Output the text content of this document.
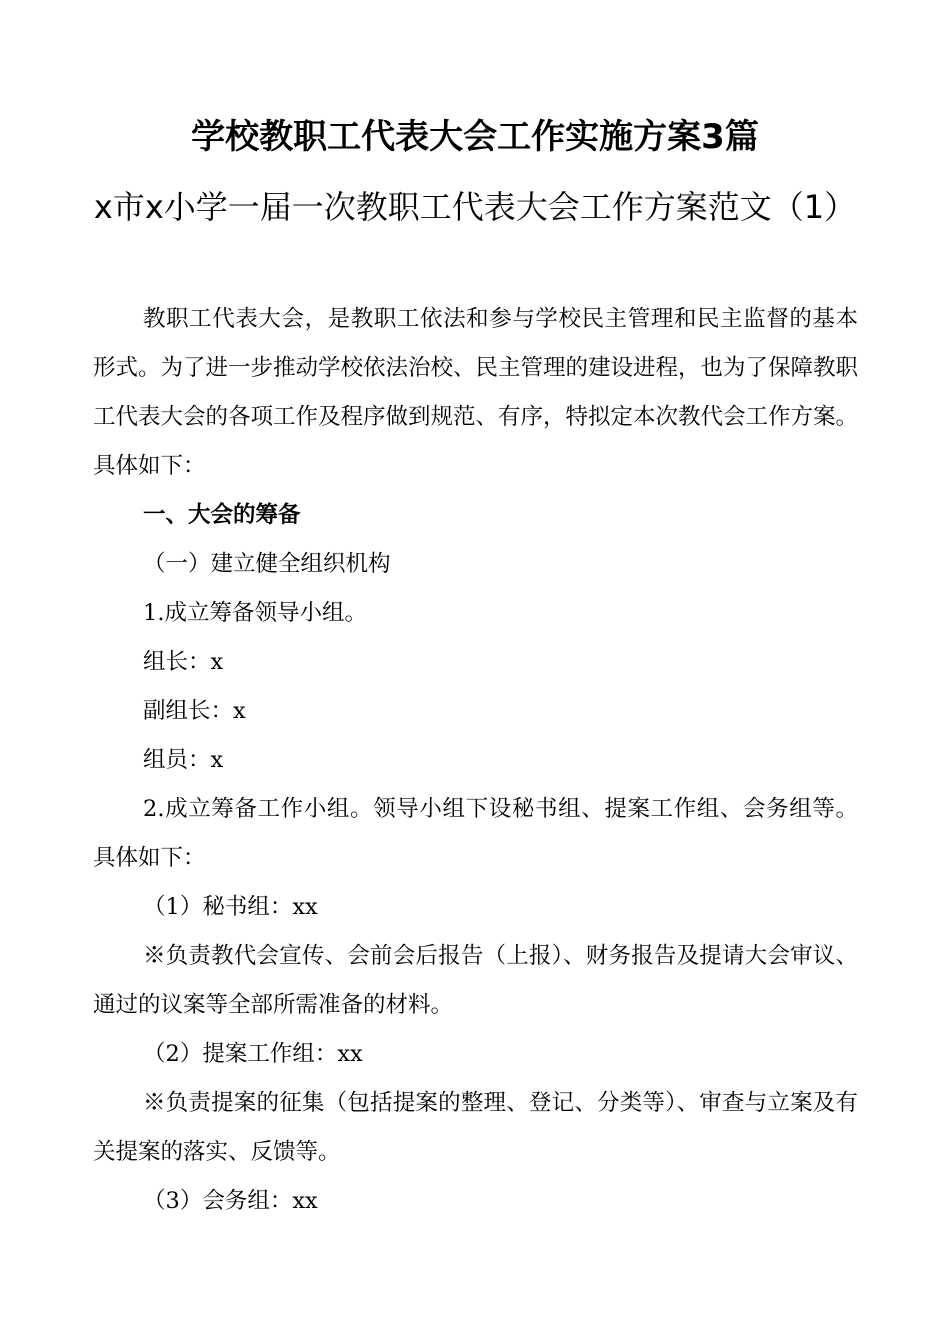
学校教职工代表大会工作实施方案3篇
x市x小学一届一次教职工代表大会工作方案范文（1）

教职工代表大会，是教职工依法和参与学校民主管理和民主监督的基本形式。为了进一步推动学校依法治校、民主管理的建设进程，也为了保障教职工代表大会的各项工作及程序做到规范、有序，特拟定本次教代会工作方案。具体如下：

一、大会的筹备

（一）建立健全组织机构

1.成立筹备领导小组。

组长：x

副组长：x

组员：x

2.成立筹备工作小组。领导小组下设秘书组、提案工作组、会务组等。具体如下：

（1）秘书组：xx

※负责教代会宣传、会前会后报告（上报）、财务报告及提请大会审议、通过的议案等全部所需准备的材料。

（2）提案工作组：xx

※负责提案的征集（包括提案的整理、登记、分类等）、审查与立案及有关提案的落实、反馈等。

（3）会务组：xx
